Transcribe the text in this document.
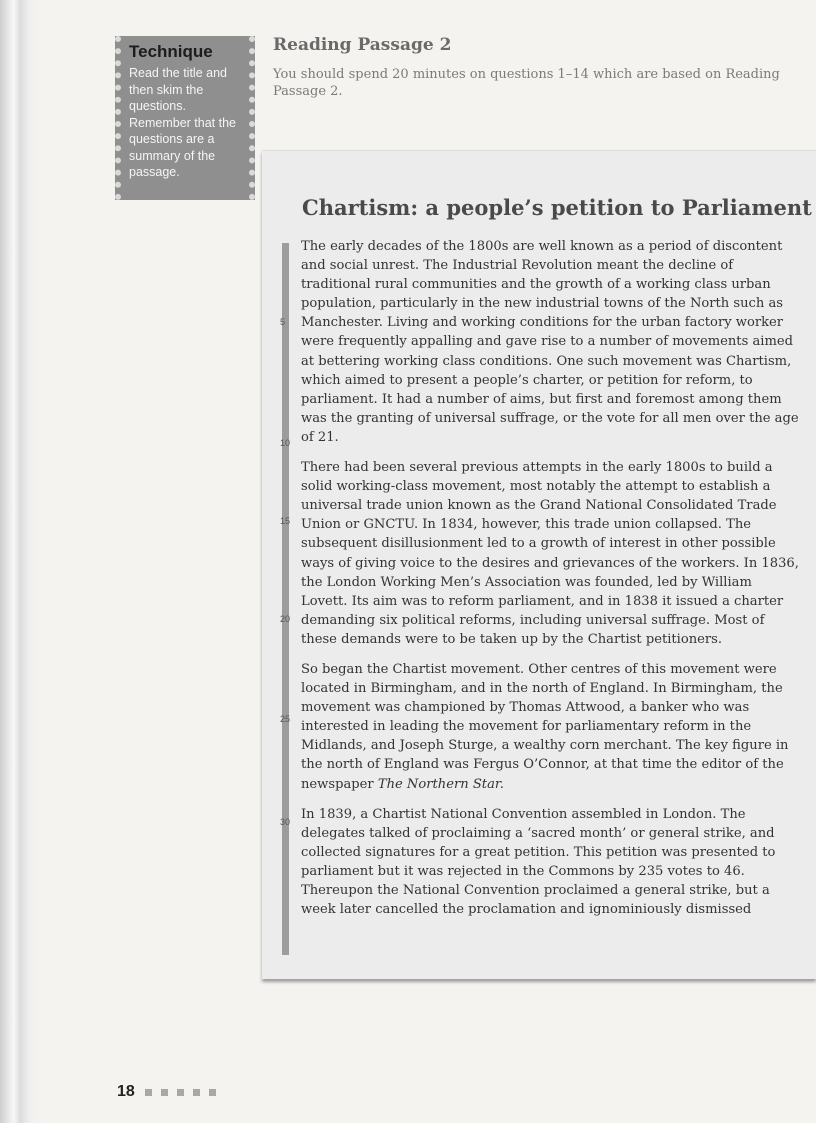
Technique
Read the title and then skim the questions. Remember that the questions are a summary of the passage.
Reading Passage 2
You should spend 20 minutes on questions 1–14 which are based on Reading Passage 2.
Chartism: a people’s petition to Parliament
5
10
15
20
25
30

The early decades of the 1800s are well known as a period of discontent and social unrest. The Industrial Revolution meant the decline of traditional rural communities and the growth of a working class urban population, particularly in the new industrial towns of the North such as Manchester. Living and working conditions for the urban factory worker were frequently appalling and gave rise to a number of movements aimed at bettering working class conditions. One such movement was Chartism, which aimed to present a people’s charter, or petition for reform, to parliament. It had a number of aims, but first and foremost among them was the granting of universal suffrage, or the vote for all men over the age of 21.

There had been several previous attempts in the early 1800s to build a solid working-class movement, most notably the attempt to establish a universal trade union known as the Grand National Consolidated Trade Union or GNCTU. In 1834, however, this trade union collapsed. The subsequent disillusionment led to a growth of interest in other possible ways of giving voice to the desires and grievances of the workers. In 1836, the London Working Men’s Association was founded, led by William Lovett. Its aim was to reform parliament, and in 1838 it issued a charter demanding six political reforms, including universal suffrage. Most of these demands were to be taken up by the Chartist petitioners.

So began the Chartist movement. Other centres of this movement were located in Birmingham, and in the north of England. In Birmingham, the movement was championed by Thomas Attwood, a banker who was interested in leading the movement for parliamentary reform in the Midlands, and Joseph Sturge, a wealthy corn merchant. The key figure in the north of England was Fergus O’Connor, at that time the editor of the newspaper The Northern Star.

In 1839, a Chartist National Convention assembled in London. The delegates talked of proclaiming a ‘sacred month’ or general strike, and collected signatures for a great petition. This petition was presented to parliament but it was rejected in the Commons by 235 votes to 46. Thereupon the National Convention proclaimed a general strike, but a week later cancelled the proclamation and ignominiously dismissed

18
